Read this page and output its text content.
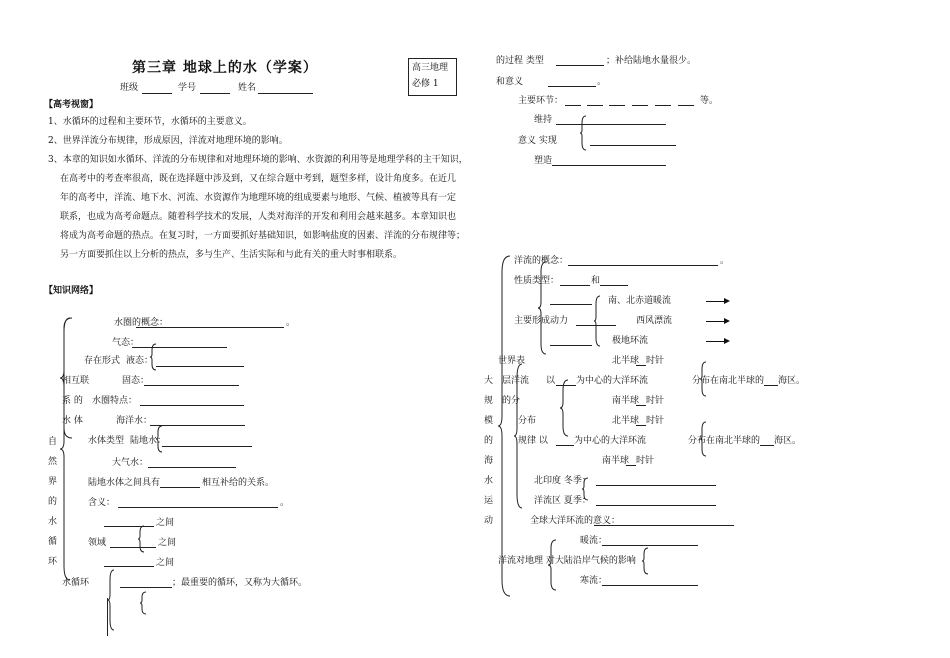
第三章 地球上的水（学案）
班级	学号	姓名
高三地理
必修 1
【高考视窗】
1、水循环的过程和主要环节，水循环的主要意义。
2、世界洋流分布规律，形成原因，洋流对地理环境的影响。
3、本章的知识如水循环、洋流的分布规律和对地理环境的影响、水资源的利用等是地理学科的主干知识，
在高考中的考查率很高，既在选择题中涉及到，又在综合题中考到，题型多样，设计角度多。在近几
年的高考中，洋流、地下水、河流、水资源作为地理环境的组成要素与地形、气候、植被等具有一定
联系，也成为高考命题点。随着科学技术的发展，人类对海洋的开发和利用会越来越多。本章知识也
将成为高考命题的热点。在复习时，一方面要抓好基础知识，如影响盐度的因素、洋流的分布规律等；
另一方面要抓住以上分析的热点，多与生产、生活实际和与此有关的重大时事相联系。
【知识网络】
水圈的概念：	。
气态：
存在形式 液态：
相互联	固态：
系 的 水圈特点：
水 体	海洋水：
水体类型 陆地水：
大气水：
陆地水体之间具有	相互补给的关系。
含义：	。
之间
领域	之间
之间
自
然
界
的
水
循
环
水循环	；最重要的循环，又称为大循环。
的过程 类型	；补给陆地水量很少。
和意义	。
主要环节：	等。
维持
意义 实现
塑造
洋流的概念：	。
性质类型：	和
南、北赤道暖流
主要形成动力	西风漂流
极地环流
世界表	北半球 时针
大 层洋流 以 为中心的大洋环流	分布在南北半球的 海区。
规 的分	南半球 时针
模	分布	北半球 时针
的	规律 以	为中心的大洋环流	分布在南北半球的 海区。
海	南半球 时针
水	北印度 冬季：
运	洋流区 夏季：
动	全球大洋环流的意义：
暖流：
洋流对地理 对大陆沿岸气候的影响
寒流：
